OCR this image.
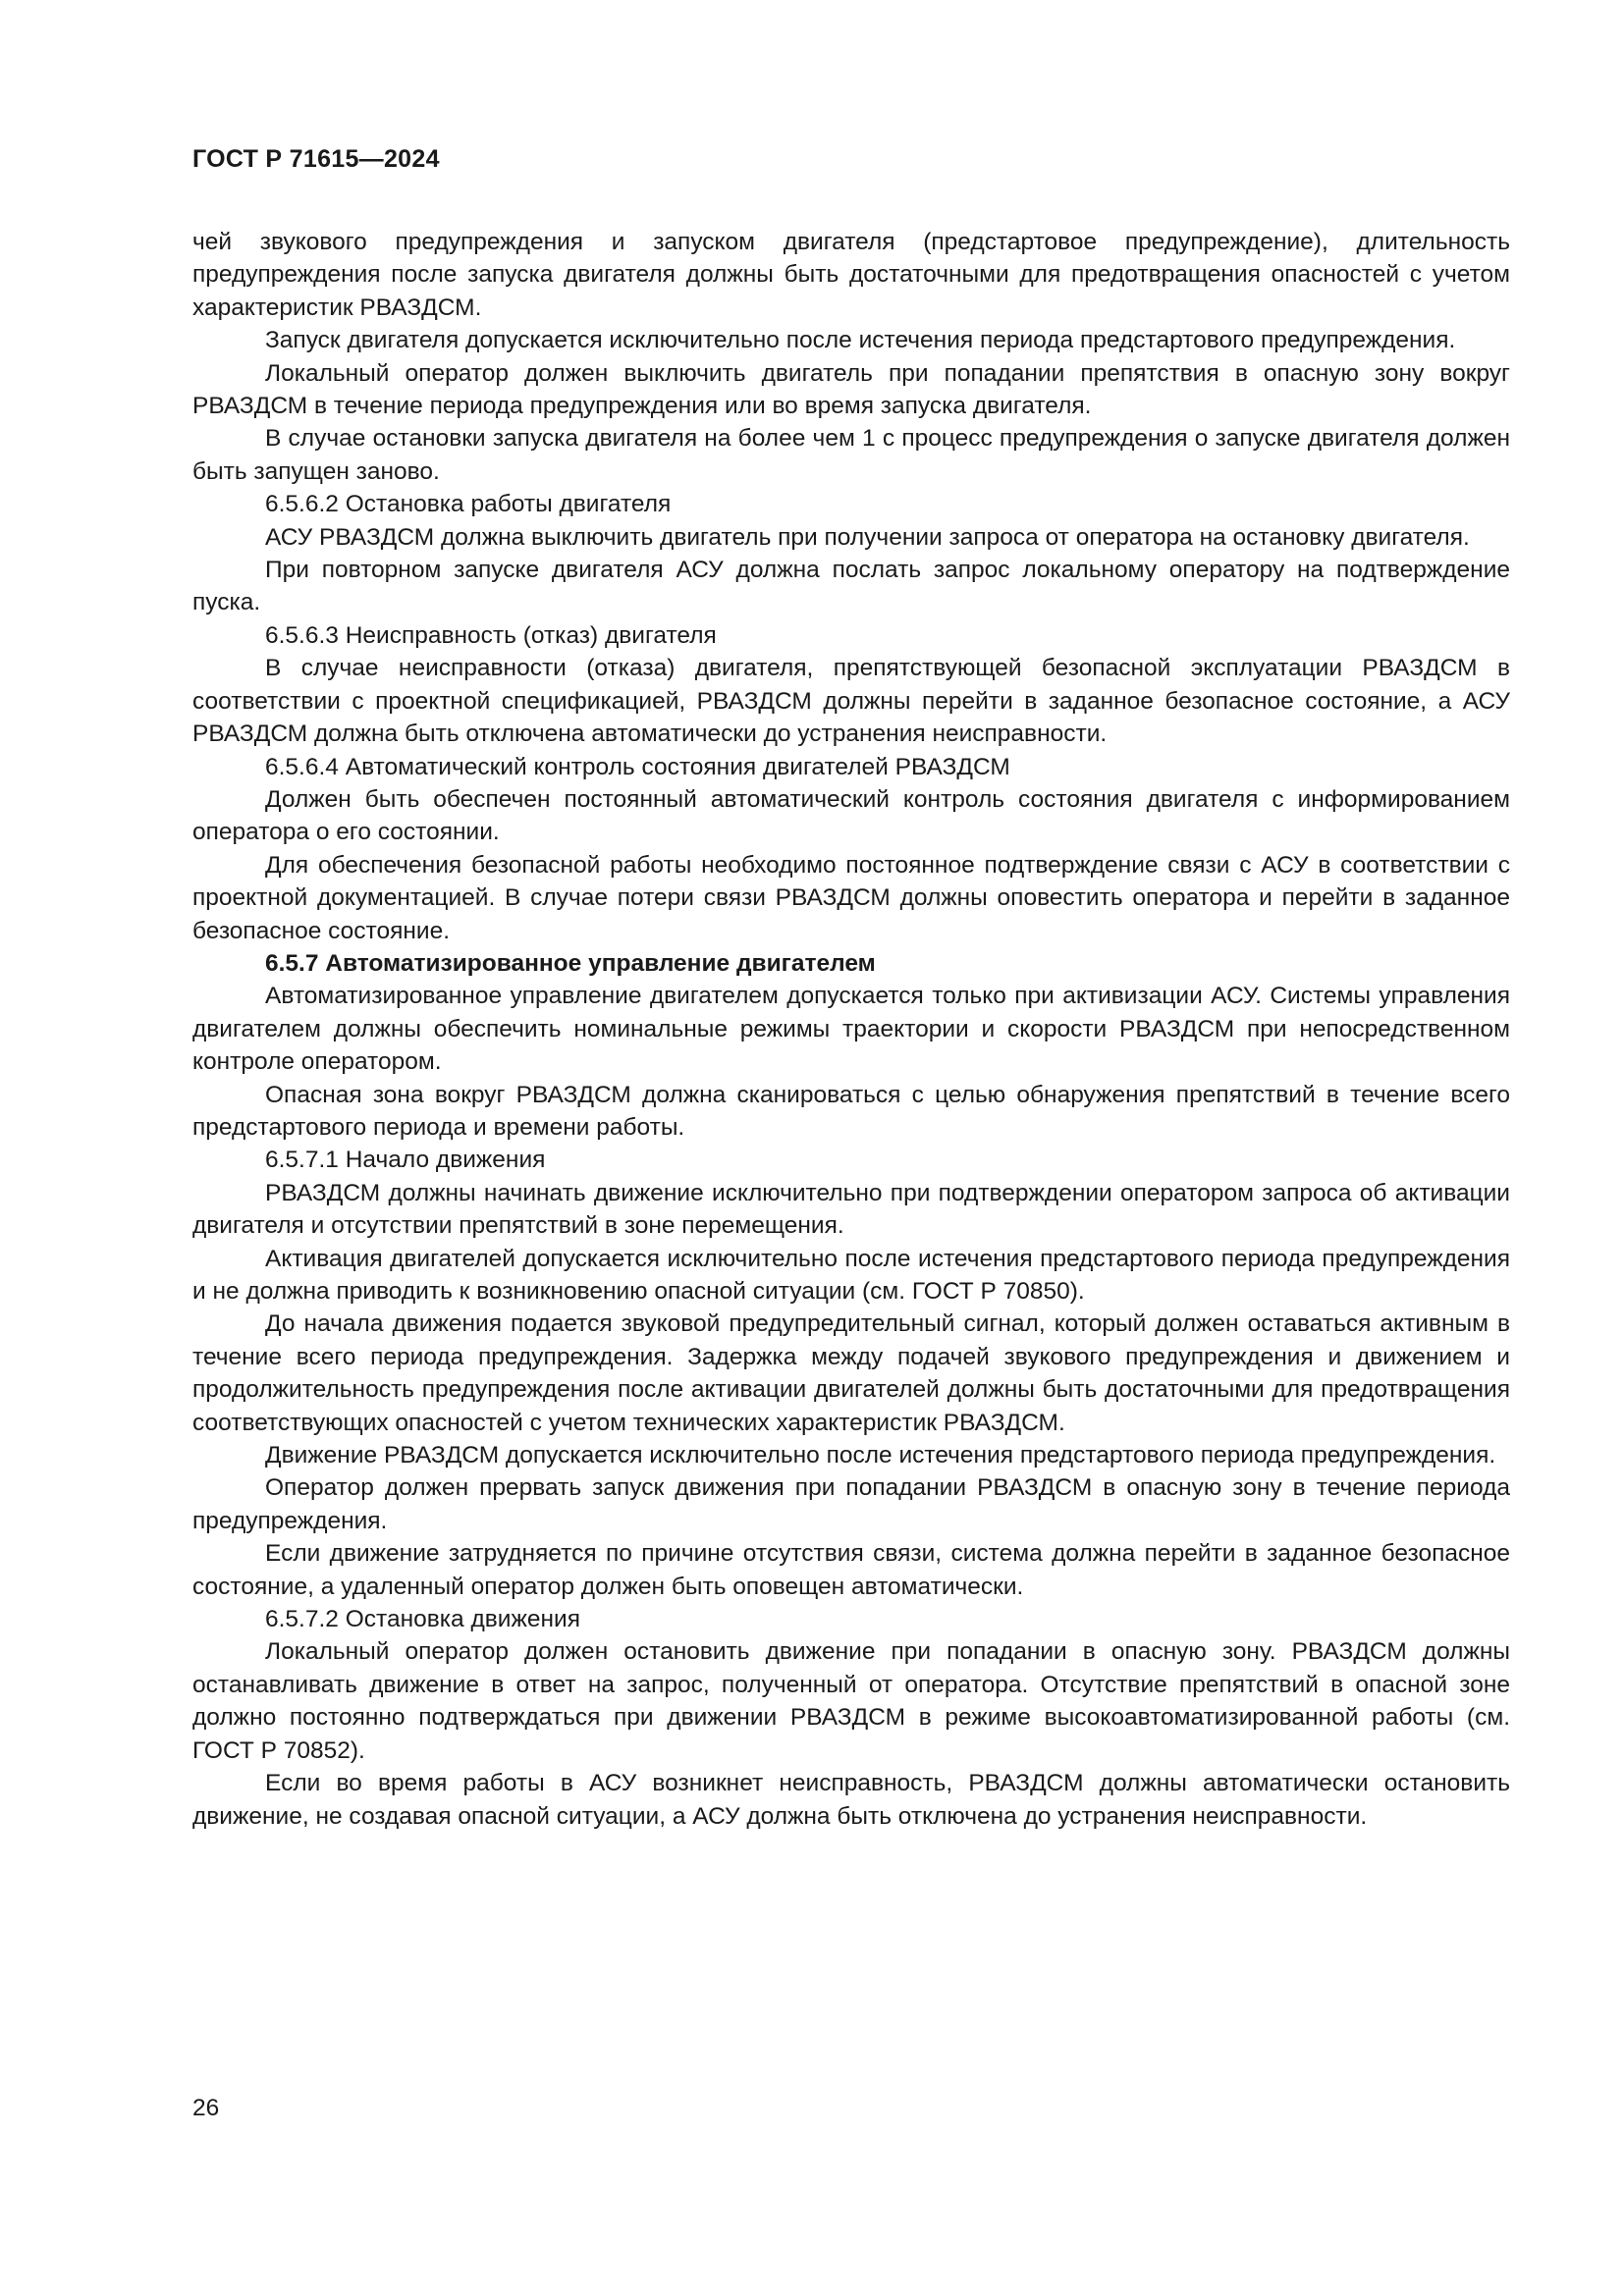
ГОСТ Р 71615—2024

чей звукового предупреждения и запуском двигателя (предстартовое предупреждение), длительность предупреждения после запуска двигателя должны быть достаточными для предотвращения опасностей с учетом характеристик РВАЗДСМ.

Запуск двигателя допускается исключительно после истечения периода предстартового предупреждения.

Локальный оператор должен выключить двигатель при попадании препятствия в опасную зону вокруг РВАЗДСМ в течение периода предупреждения или во время запуска двигателя.

В случае остановки запуска двигателя на более чем 1 с процесс предупреждения о запуске двигателя должен быть запущен заново.

6.5.6.2 Остановка работы двигателя

АСУ РВАЗДСМ должна выключить двигатель при получении запроса от оператора на остановку двигателя.

При повторном запуске двигателя АСУ должна послать запрос локальному оператору на подтверждение пуска.

6.5.6.3 Неисправность (отказ) двигателя

В случае неисправности (отказа) двигателя, препятствующей безопасной эксплуатации РВАЗДСМ в соответствии с проектной спецификацией, РВАЗДСМ должны перейти в заданное безопасное состояние, а АСУ РВАЗДСМ должна быть отключена автоматически до устранения неисправности.

6.5.6.4 Автоматический контроль состояния двигателей РВАЗДСМ

Должен быть обеспечен постоянный автоматический контроль состояния двигателя с информированием оператора о его состоянии.

Для обеспечения безопасной работы необходимо постоянное подтверждение связи с АСУ в соответствии с проектной документацией. В случае потери связи РВАЗДСМ должны оповестить оператора и перейти в заданное безопасное состояние.

6.5.7 Автоматизированное управление двигателем

Автоматизированное управление двигателем допускается только при активизации АСУ. Системы управления двигателем должны обеспечить номинальные режимы траектории и скорости РВАЗДСМ при непосредственном контроле оператором.

Опасная зона вокруг РВАЗДСМ должна сканироваться с целью обнаружения препятствий в течение всего предстартового периода и времени работы.

6.5.7.1 Начало движения

РВАЗДСМ должны начинать движение исключительно при подтверждении оператором запроса об активации двигателя и отсутствии препятствий в зоне перемещения.

Активация двигателей допускается исключительно после истечения предстартового периода предупреждения и не должна приводить к возникновению опасной ситуации (см. ГОСТ Р 70850).

До начала движения подается звуковой предупредительный сигнал, который должен оставаться активным в течение всего периода предупреждения. Задержка между подачей звукового предупреждения и движением и продолжительность предупреждения после активации двигателей должны быть достаточными для предотвращения соответствующих опасностей с учетом технических характеристик РВАЗДСМ.

Движение РВАЗДСМ допускается исключительно после истечения предстартового периода предупреждения.

Оператор должен прервать запуск движения при попадании РВАЗДСМ в опасную зону в течение периода предупреждения.

Если движение затрудняется по причине отсутствия связи, система должна перейти в заданное безопасное состояние, а удаленный оператор должен быть оповещен автоматически.

6.5.7.2 Остановка движения

Локальный оператор должен остановить движение при попадании в опасную зону. РВАЗДСМ должны останавливать движение в ответ на запрос, полученный от оператора. Отсутствие препятствий в опасной зоне должно постоянно подтверждаться при движении РВАЗДСМ в режиме высокоавтоматизированной работы (см. ГОСТ Р 70852).

Если во время работы в АСУ возникнет неисправность, РВАЗДСМ должны автоматически остановить движение, не создавая опасной ситуации, а АСУ должна быть отключена до устранения неисправности.

26
